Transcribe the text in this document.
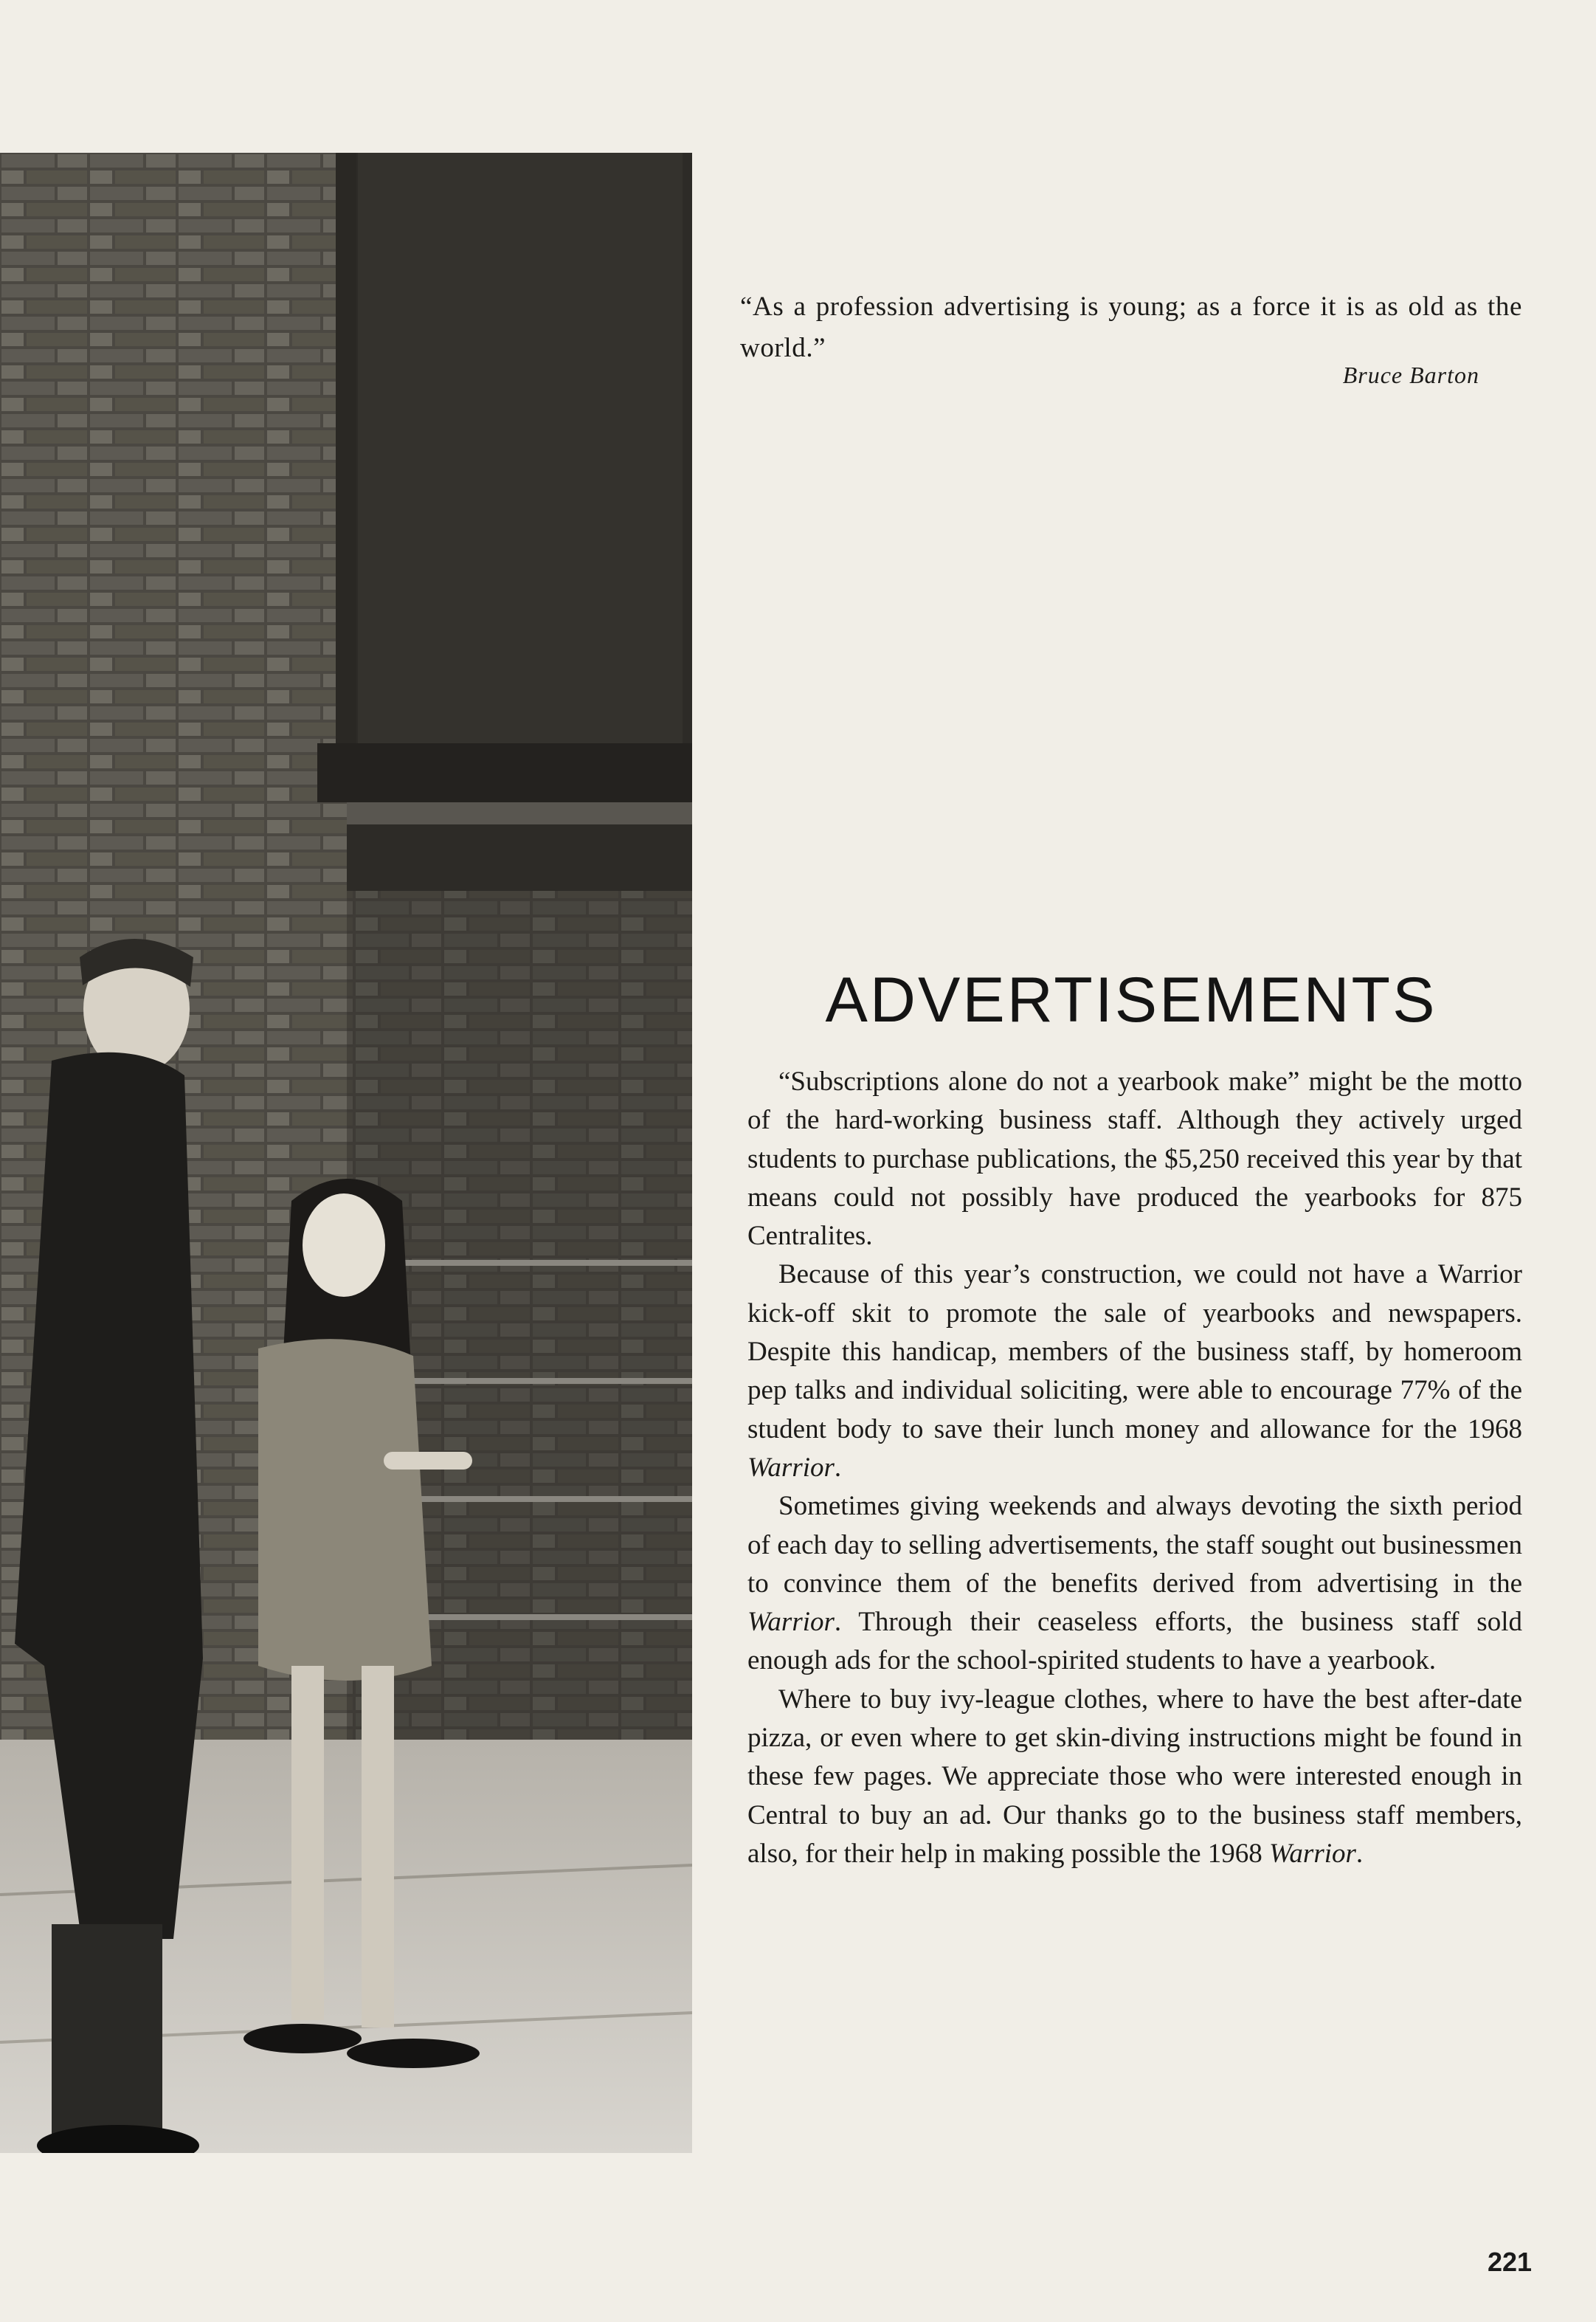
“As a profession advertising is young; as a force it is as old as the world.”
Bruce Barton
ADVERTISEMENTS

“Subscriptions alone do not a yearbook make” might be the motto of the hard-working business staff. Although they actively urged students to purchase publications, the $5,250 received this year by that means could not possibly have produced the yearbooks for 875 Centralites.

Because of this year’s construction, we could not have a Warrior kick-off skit to promote the sale of yearbooks and newspapers. Despite this handicap, members of the business staff, by homeroom pep talks and individual soliciting, were able to encourage 77% of the student body to save their lunch money and allowance for the 1968 Warrior.

Sometimes giving weekends and always devoting the sixth period of each day to selling advertisements, the staff sought out businessmen to convince them of the benefits derived from advertising in the Warrior. Through their ceaseless efforts, the business staff sold enough ads for the school-spirited students to have a yearbook.

Where to buy ivy-league clothes, where to have the best after-date pizza, or even where to get skin-diving instructions might be found in these few pages. We appreciate those who were interested enough in Central to buy an ad. Our thanks go to the business staff members, also, for their help in making possible the 1968 Warrior.

221
